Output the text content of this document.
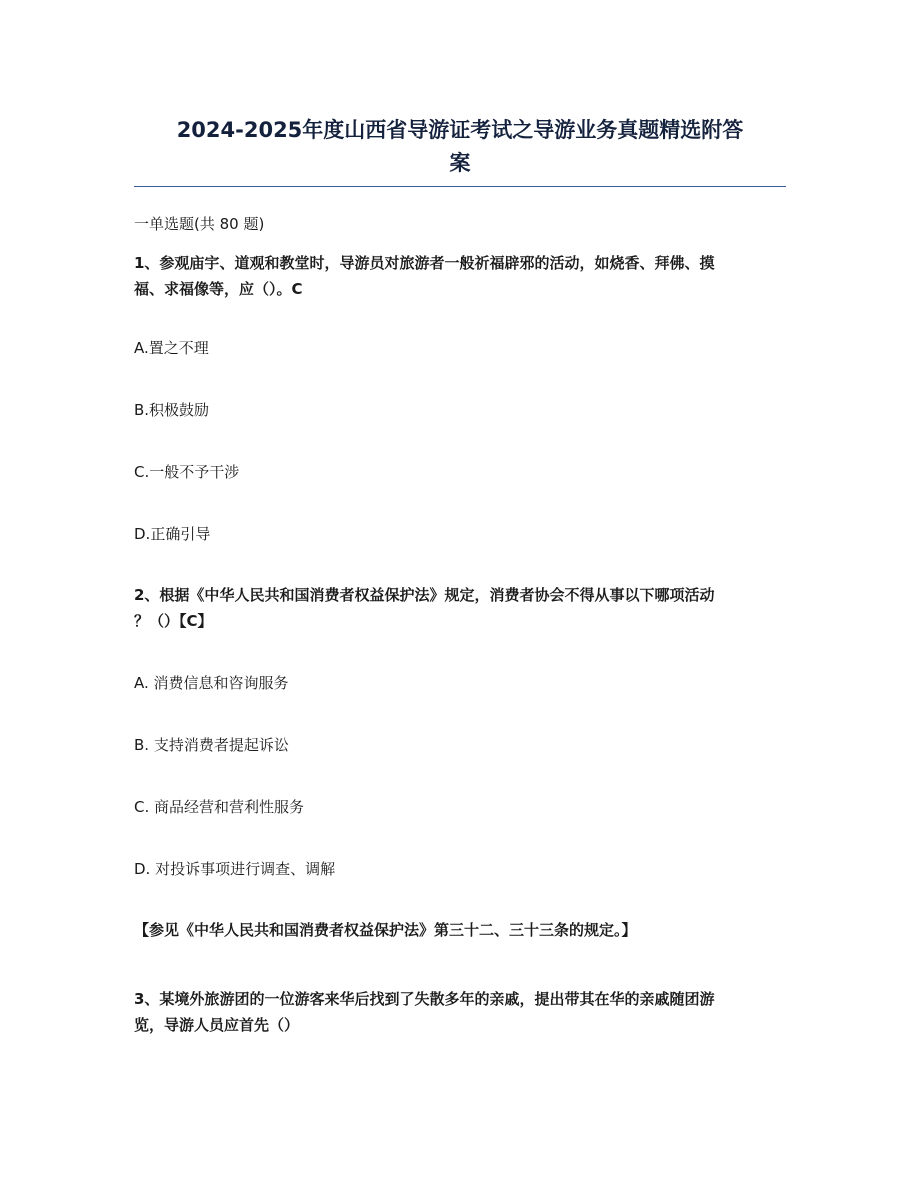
2024-2025年度山西省导游证考试之导游业务真题精选附答
案
一单选题(共 80 题)
1、参观庙宇、道观和教堂时，导游员对旅游者一般祈福辟邪的活动，如烧香、拜佛、摸
福、求福像等，应（）。C
A.置之不理
B.积极鼓励
C.一般不予干涉
D.正确引导
2、根据《中华人民共和国消费者权益保护法》规定，消费者协会不得从事以下哪项活动
？（）【C】
A. 消费信息和咨询服务
B. 支持消费者提起诉讼
C. 商品经营和营利性服务
D. 对投诉事项进行调查、调解
【参见《中华人民共和国消费者权益保护法》第三十二、三十三条的规定。】
3、某境外旅游团的一位游客来华后找到了失散多年的亲戚，提出带其在华的亲戚随团游
览，导游人员应首先（）
